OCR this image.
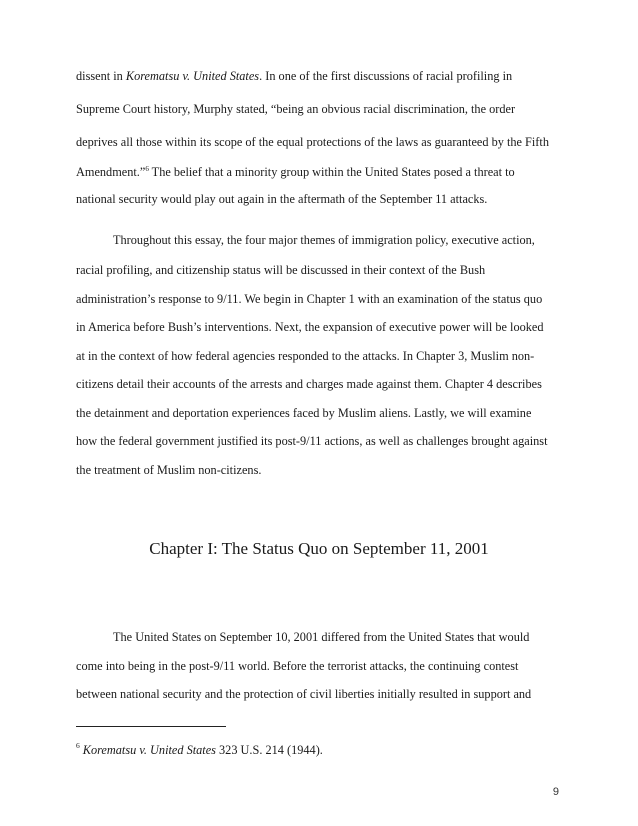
dissent in Korematsu v. United States. In one of the first discussions of racial profiling in
Supreme Court history, Murphy stated, “being an obvious racial discrimination, the order
deprives all those within its scope of the equal protections of the laws as guaranteed by the Fifth
Amendment.”$^6$ The belief that a minority group within the United States posed a threat to
national security would play out again in the aftermath of the September 11 attacks.
Throughout this essay, the four major themes of immigration policy, executive action,
racial profiling, and citizenship status will be discussed in their context of the Bush
administration’s response to 9/11. We begin in Chapter 1 with an examination of the status quo
in America before Bush’s interventions. Next, the expansion of executive power will be looked
at in the context of how federal agencies responded to the attacks. In Chapter 3, Muslim non-
citizens detail their accounts of the arrests and charges made against them. Chapter 4 describes
the detainment and deportation experiences faced by Muslim aliens. Lastly, we will examine
how the federal government justified its post-9/11 actions, as well as challenges brought against
the treatment of Muslim non-citizens.
Chapter I: The Status Quo on September 11, 2001
The United States on September 10, 2001 differed from the United States that would
come into being in the post-9/11 world. Before the terrorist attacks, the continuing contest
between national security and the protection of civil liberties initially resulted in support and
$^6$ Korematsu v. United States 323 U.S. 214 (1944).
9
